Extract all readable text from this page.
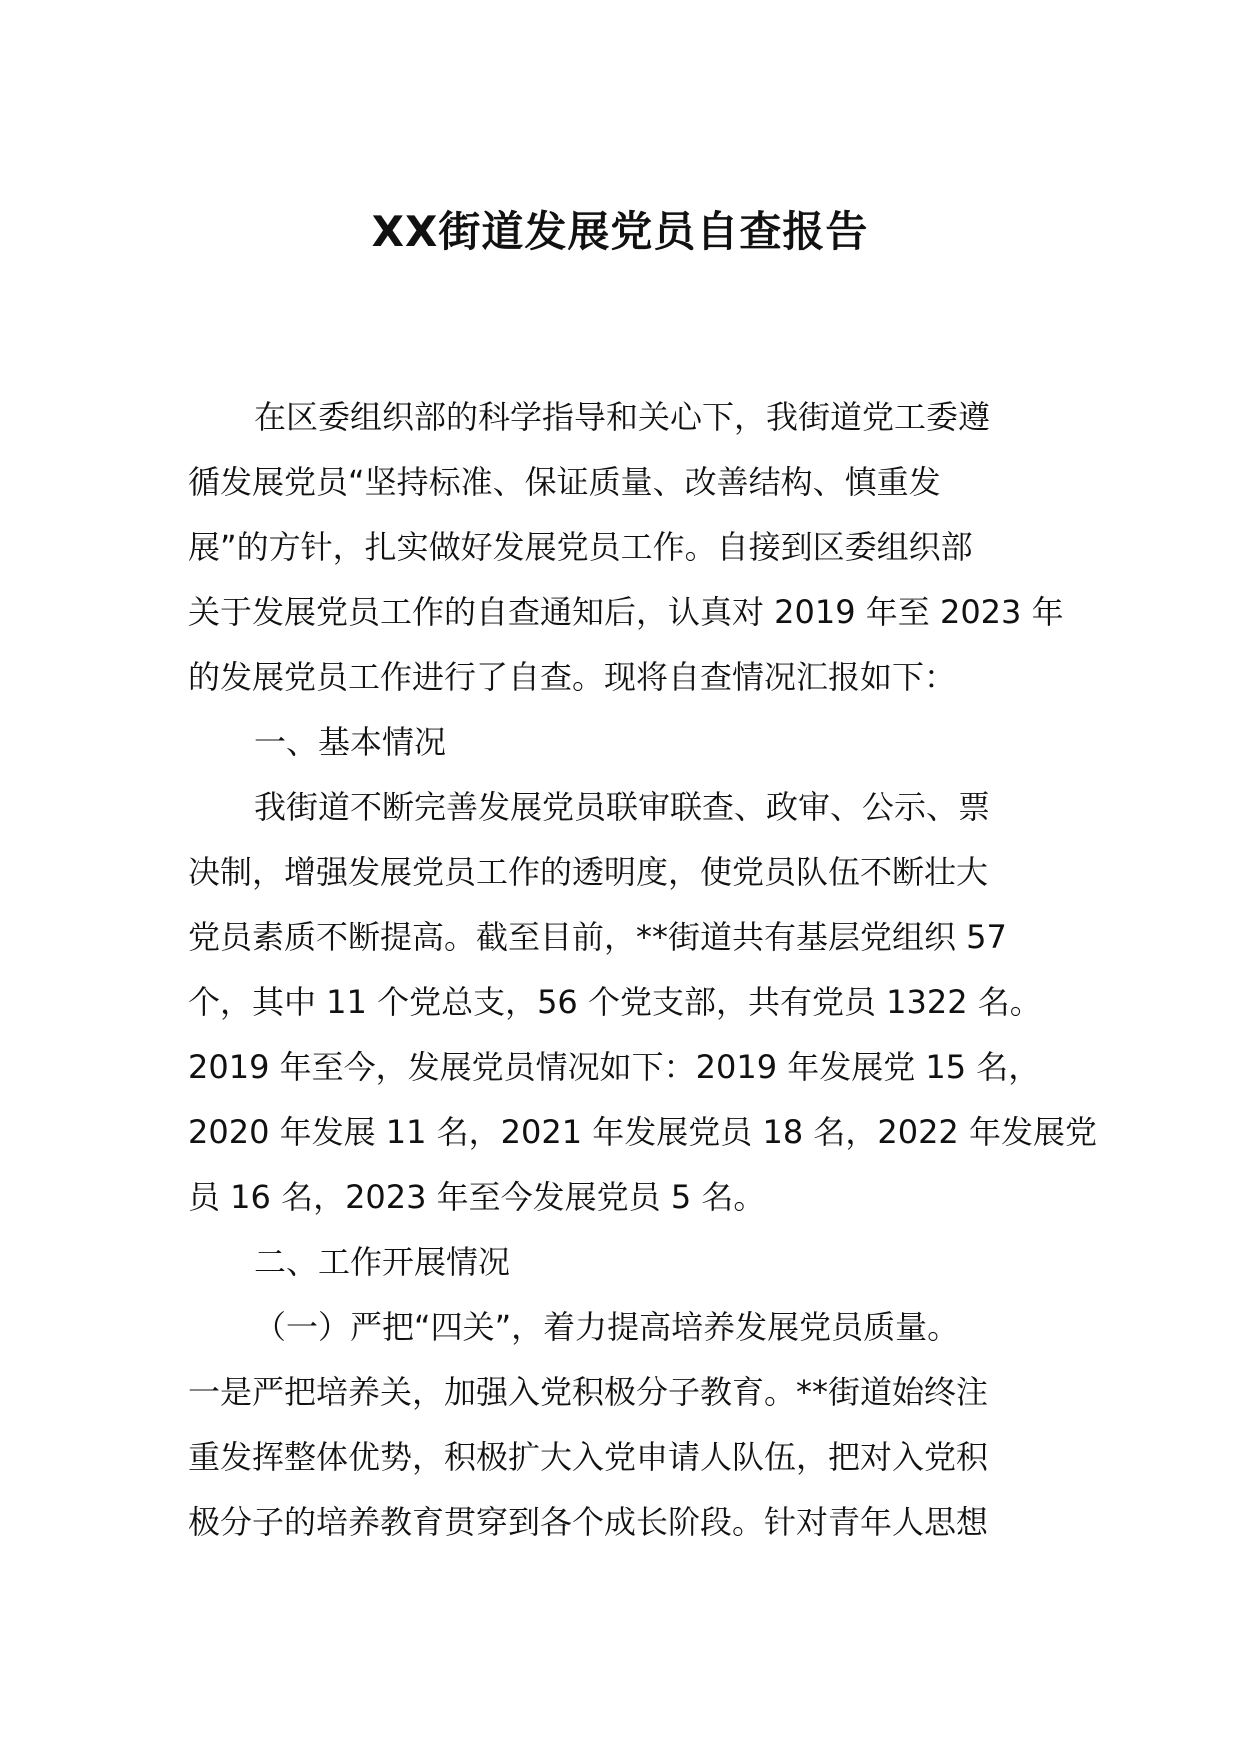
XX街道发展党员自查报告
在区委组织部的科学指导和关心下，我街道党工委遵
循发展党员“坚持标准、保证质量、改善结构、慎重发
展”的方针，扎实做好发展党员工作。自接到区委组织部
关于发展党员工作的自查通知后，认真对 2019 年至 2023 年
的发展党员工作进行了自查。现将自查情况汇报如下：
一、基本情况
我街道不断完善发展党员联审联查、政审、公示、票
决制，增强发展党员工作的透明度，使党员队伍不断壮大
党员素质不断提高。截至目前，**街道共有基层党组织 57
个，其中 11 个党总支，56 个党支部，共有党员 1322 名。
2019 年至今，发展党员情况如下：2019 年发展党 15 名，
2020 年发展 11 名，2021 年发展党员 18 名，2022 年发展党
员 16 名，2023 年至今发展党员 5 名。
二、工作开展情况
（一）严把“四关”，着力提高培养发展党员质量。
一是严把培养关，加强入党积极分子教育。**街道始终注
重发挥整体优势，积极扩大入党申请人队伍，把对入党积
极分子的培养教育贯穿到各个成长阶段。针对青年人思想
